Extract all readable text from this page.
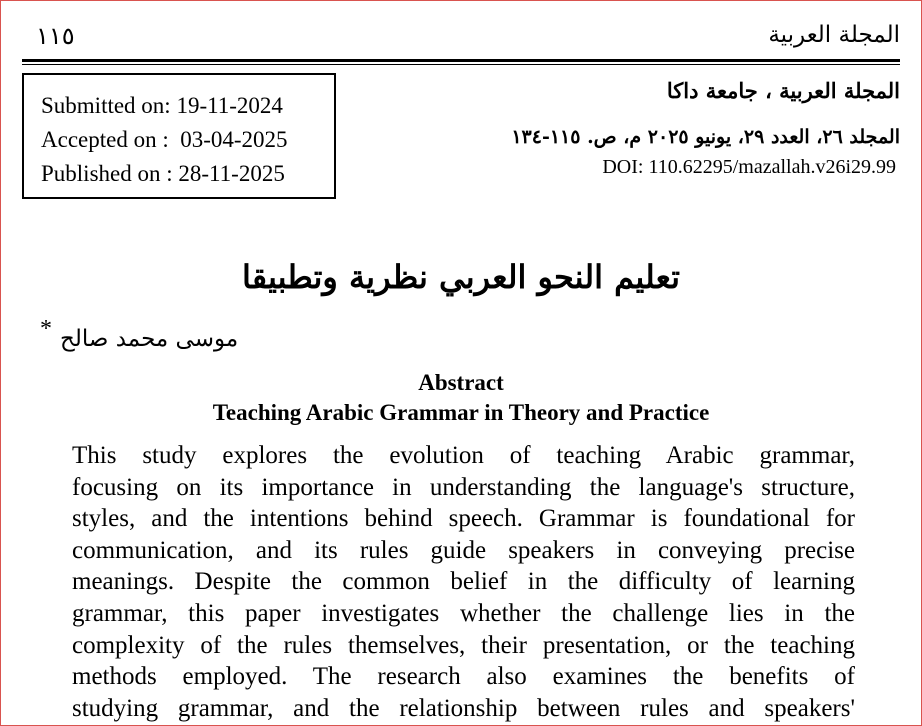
١١٥	المجلة العربية
Submitted on: 19-11-2024
Accepted on :  03-04-2025
Published on : 28-11-2025
المجلة العربية ، جامعة داكا
المجلد ٢٦، العدد ٢٩، يونيو ٢٠٢٥ م، ص. ١١٥-١٣٤
DOI: 110.62295/mazallah.v26i29.99
تعليم النحو العربي نظرية وتطبيقا
* موسى محمد صالح
Abstract
Teaching Arabic Grammar in Theory and Practice
This study explores the evolution of teaching Arabic grammar,
focusing on its importance in understanding the language's structure,
styles, and the intentions behind speech. Grammar is foundational for
communication, and its rules guide speakers in conveying precise
meanings. Despite the common belief in the difficulty of learning
grammar, this paper investigates whether the challenge lies in the
complexity of the rules themselves, their presentation, or the teaching
methods employed. The research also examines the benefits of
studying grammar, and the relationship between rules and speakers'
